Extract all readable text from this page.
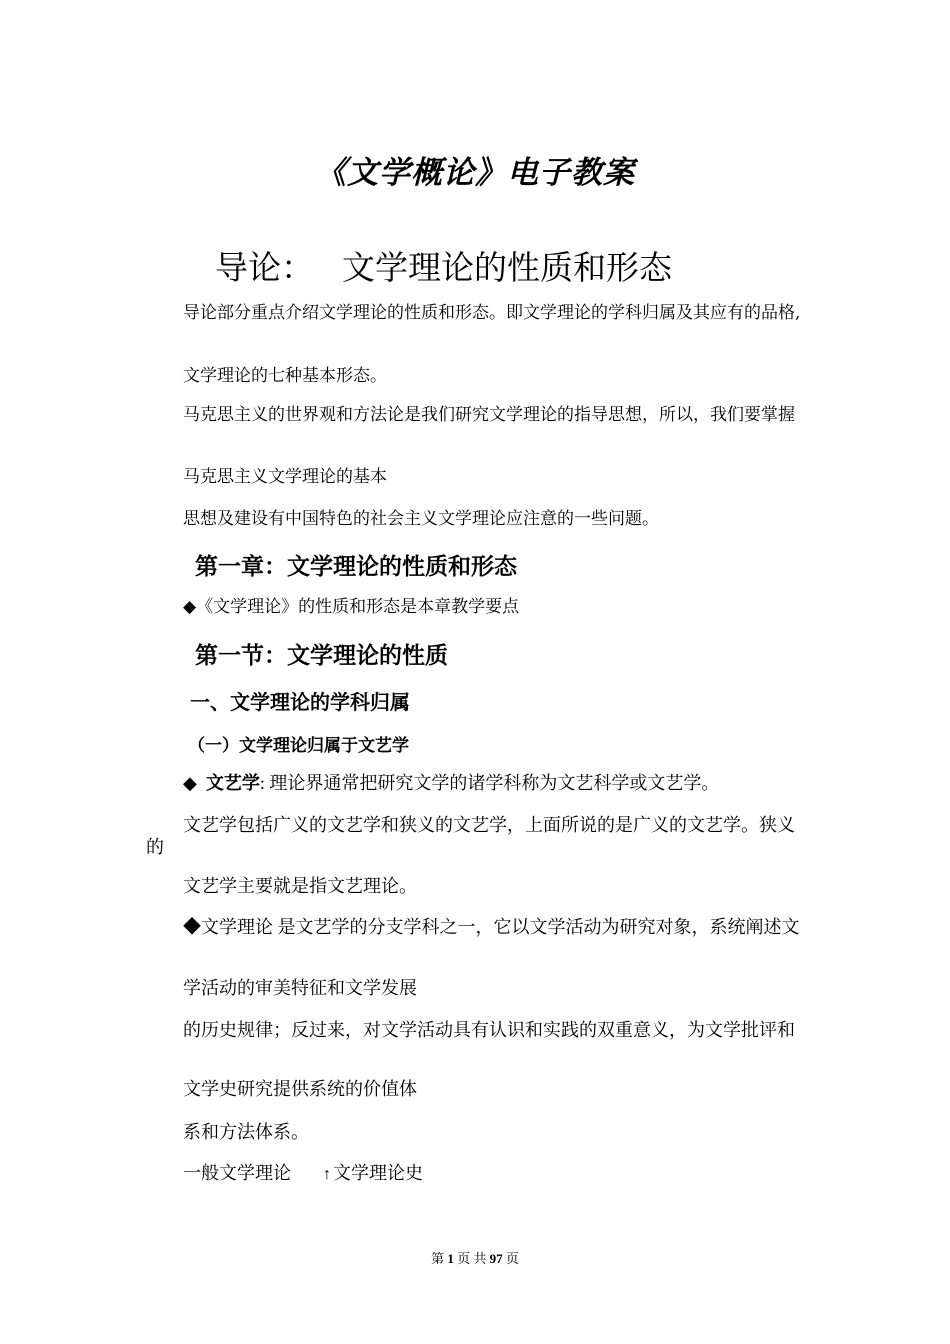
《文学概论》电子教案
导论： 文学理论的性质和形态
导论部分重点介绍文学理论的性质和形态。即文学理论的学科归属及其应有的品格,
文学理论的七种基本形态。
马克思主义的世界观和方法论是我们研究文学理论的指导思想，所以，我们要掌握
马克思主义文学理论的基本
思想及建设有中国特色的社会主义文学理论应注意的一些问题。
第一章：文学理论的性质和形态
◆《文学理论》的性质和形态是本章教学要点
第一节：文学理论的性质
一、文学理论的学科归属
（一）文学理论归属于文艺学
◆ 文艺学: 理论界通常把研究文学的诸学科称为文艺科学或文艺学。
文艺学包括广义的文艺学和狭义的文艺学，上面所说的是广义的文艺学。狭义的
文艺学主要就是指文艺理论。
◆文学理论 是文艺学的分支学科之一，它以文学活动为研究对象，系统阐述文
学活动的审美特征和文学发展
的历史规律；反过来，对文学活动具有认识和实践的双重意义，为文学批评和
文学史研究提供系统的价值体
系和方法体系。
一般文学理论 ↑ 文学理论史
第 1 页 共 97 页
